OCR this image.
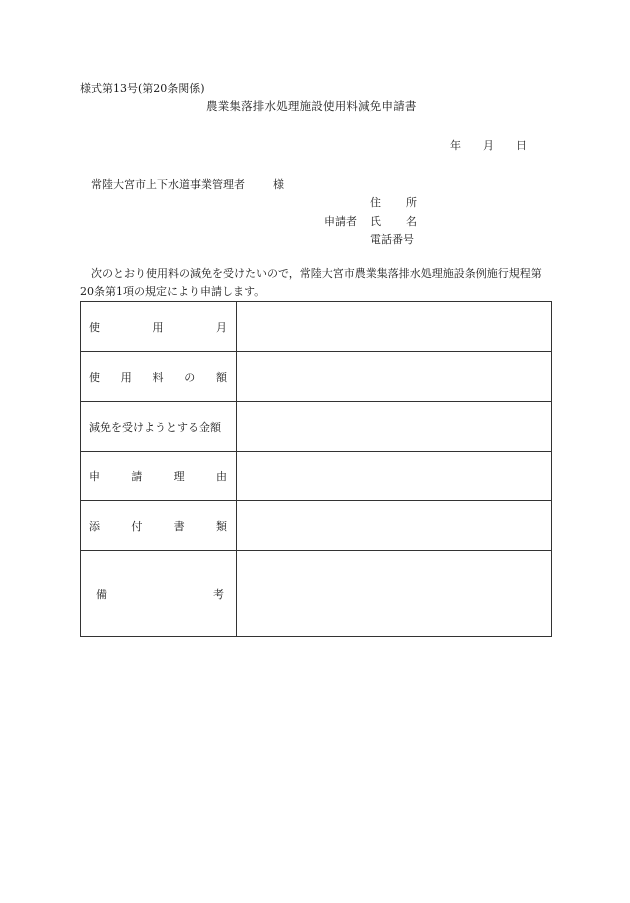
様式第13号(第20条関係)
農業集落排水処理施設使用料減免申請書
年 月 日
常陸大宮市上下水道事業管理者	様
住 所
申請者 氏 名
電話番号
次のとおり使用料の減免を受けたいので，常陸大宮市農業集落排水処理施設条例施行規程第20条第1項の規定により申請します。
使 用 月	

使 用 料 の 額	

減免を受けようとする金額	

申 請 理 由	

添 付 書 類	

備 考	
